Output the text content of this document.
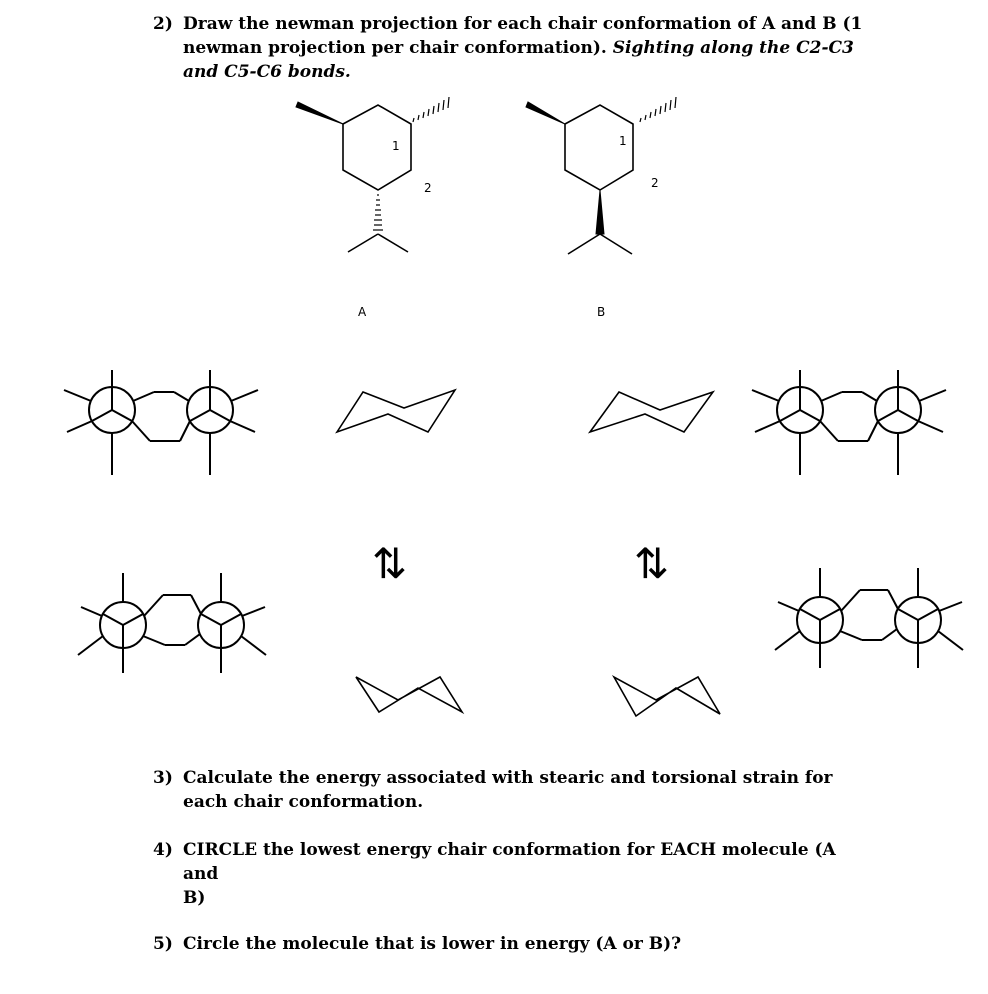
2) Draw the newman projection for each chair conformation of A and B (1
newman projection per chair conformation). Sighting along the C2-C3
and C5-C6 bonds.
1
2
A
1
2
B
⇅	⇅
3) Calculate the energy associated with stearic and torsional strain for
each chair conformation.
4) CIRCLE the lowest energy chair conformation for EACH molecule (A and
B)
5) Circle the molecule that is lower in energy (A or B)?
